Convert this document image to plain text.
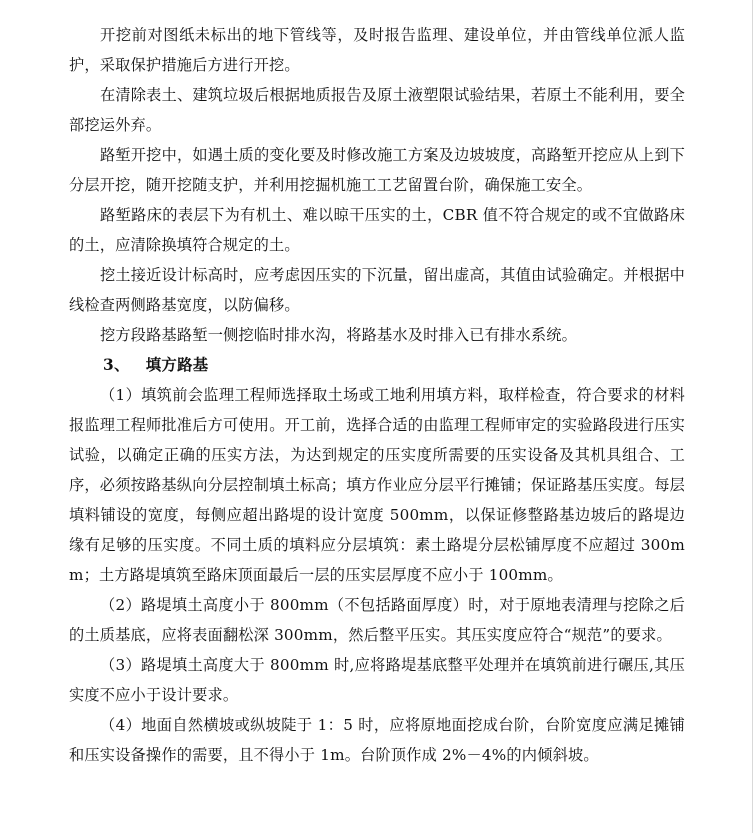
开挖前对图纸未标出的地下管线等，及时报告监理、建设单位，并由管线单位派人监护，采取保护措施后方进行开挖。

在清除表土、建筑垃圾后根据地质报告及原土液塑限试验结果，若原土不能利用，要全部挖运外弃。

路堑开挖中，如遇土质的变化要及时修改施工方案及边坡坡度，高路堑开挖应从上到下分层开挖，随开挖随支护，并利用挖掘机施工工艺留置台阶，确保施工安全。

路堑路床的表层下为有机土、难以晾干压实的土，CBR 值不符合规定的或不宜做路床的土，应清除换填符合规定的土。

挖土接近设计标高时，应考虑因压实的下沉量，留出虚高，其值由试验确定。并根据中线检查两侧路基宽度，以防偏移。

挖方段路基路堑一侧挖临时排水沟，将路基水及时排入已有排水系统。

3、 填方路基

（1）填筑前会监理工程师选择取土场或工地利用填方料，取样检查，符合要求的材料报监理工程师批准后方可使用。开工前，选择合适的由监理工程师审定的实验路段进行压实试验，以确定正确的压实方法，为达到规定的压实度所需要的压实设备及其机具组合、工序，必须按路基纵向分层控制填土标高；填方作业应分层平行摊铺；保证路基压实度。每层填料铺设的宽度，每侧应超出路堤的设计宽度 500mm，以保证修整路基边坡后的路堤边缘有足够的压实度。不同土质的填料应分层填筑：素土路堤分层松铺厚度不应超过 300mm；土方路堤填筑至路床顶面最后一层的压实层厚度不应小于 100mm。

（2）路堤填土高度小于 800mm（不包括路面厚度）时，对于原地表清理与挖除之后的土质基底，应将表面翻松深 300mm，然后整平压实。其压实度应符合“规范”的要求。

（3）路堤填土高度大于 800mm 时,应将路堤基底整平处理并在填筑前进行碾压,其压实度不应小于设计要求。

（4）地面自然横坡或纵坡陡于 1：5 时，应将原地面挖成台阶，台阶宽度应满足摊铺和压实设备操作的需要，且不得小于 1m。台阶顶作成 2%－4%的内倾斜坡。
